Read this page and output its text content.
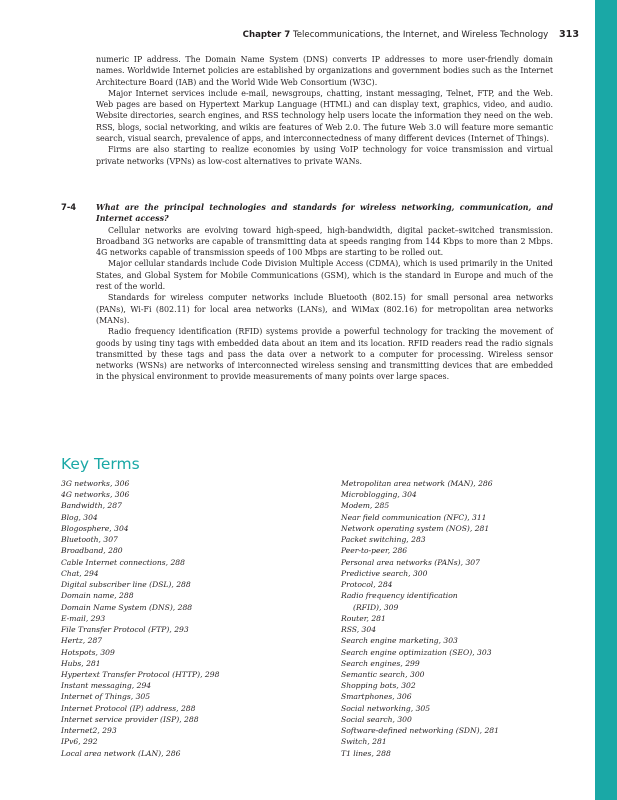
Chapter 7 Telecommunications, the Internet, and Wireless Technology 313

numeric IP address. The Domain Name System (DNS) converts IP addresses to more user-friendly domain names. Worldwide Internet policies are established by organizations and government bodies such as the Internet Architecture Board (IAB) and the World Wide Web Consortium (W3C).

Major Internet services include e-mail, newsgroups, chatting, instant messaging, Telnet, FTP, and the Web. Web pages are based on Hypertext Markup Language (HTML) and can display text, graphics, video, and audio. Website directories, search engines, and RSS technology help users locate the information they need on the web. RSS, blogs, social networking, and wikis are features of Web 2.0. The future Web 3.0 will feature more semantic search, visual search, prevalence of apps, and interconnectedness of many different devices (Internet of Things).

Firms are also starting to realize economies by using VoIP technology for voice transmission and virtual private networks (VPNs) as low-cost alternatives to private WANs.

7-4	What are the principal technologies and standards for wireless networking, communication, and Internet access?

Cellular networks are evolving toward high-speed, high-bandwidth, digital packet–switched transmission. Broadband 3G networks are capable of transmitting data at speeds ranging from 144 Kbps to more than 2 Mbps. 4G networks capable of transmission speeds of 100 Mbps are starting to be rolled out.

Major cellular standards include Code Division Multiple Access (CDMA), which is used primarily in the United States, and Global System for Mobile Communications (GSM), which is the standard in Europe and much of the rest of the world.

Standards for wireless computer networks include Bluetooth (802.15) for small personal area networks (PANs), Wi-Fi (802.11) for local area networks (LANs), and WiMax (802.16) for metropolitan area networks (MANs).

Radio frequency identification (RFID) systems provide a powerful technology for tracking the movement of goods by using tiny tags with embedded data about an item and its location. RFID readers read the radio signals transmitted by these tags and pass the data over a network to a computer for processing. Wireless sensor networks (WSNs) are networks of interconnected wireless sensing and transmitting devices that are embedded in the physical environment to provide measurements of many points over large spaces.

Key Terms
3G networks, 306
4G networks, 306
Bandwidth, 287
Blog, 304
Blogosphere, 304
Bluetooth, 307
Broadband, 280
Cable Internet connections, 288
Chat, 294
Digital subscriber line (DSL), 288
Domain name, 288
Domain Name System (DNS), 288
E-mail, 293
File Transfer Protocol (FTP), 293
Hertz, 287
Hotspots, 309
Hubs, 281
Hypertext Transfer Protocol (HTTP), 298
Instant messaging, 294
Internet of Things, 305
Internet Protocol (IP) address, 288
Internet service provider (ISP), 288
Internet2, 293
IPv6, 292
Local area network (LAN), 286
Metropolitan area network (MAN), 286
Microblogging, 304
Modem, 285
Near field communication (NFC), 311
Network operating system (NOS), 281
Packet switching, 283
Peer-to-peer, 286
Personal area networks (PANs), 307
Predictive search, 300
Protocol, 284
Radio frequency identification
(RFID), 309
Router, 281
RSS, 304
Search engine marketing, 303
Search engine optimization (SEO), 303
Search engines, 299
Semantic search, 300
Shopping bots, 302
Smartphones, 306
Social networking, 305
Social search, 300
Software-defined networking (SDN), 281
Switch, 281
T1 lines, 288
